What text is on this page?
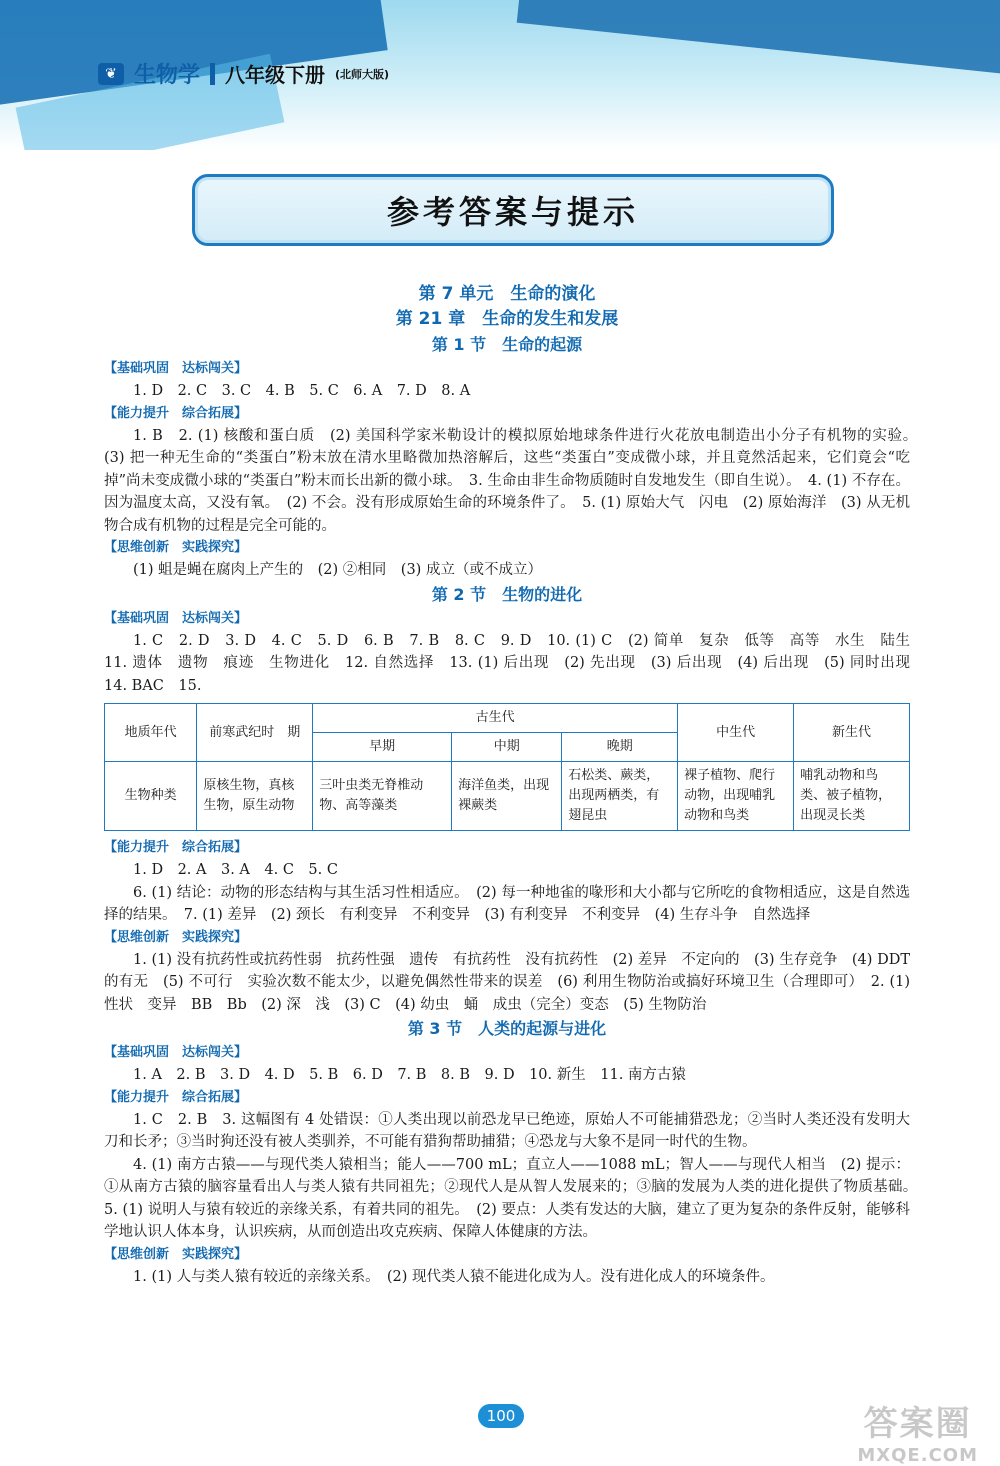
❦ 生物学 八年级下册 (北师大版)
参考答案与提示
第 7 单元　生命的演化
第 21 章　生命的发生和发展
第 1 节　生命的起源
【基础巩固　达标闯关】

1. D　2. C　3. C　4. B　5. C　6. A　7. D　8. A

【能力提升　综合拓展】

1. B　2. (1) 核酸和蛋白质　(2) 美国科学家米勒设计的模拟原始地球条件进行火花放电制造出小分子有机物的实验。　(3) 把一种无生命的“类蛋白”粉末放在清水里略微加热溶解后，这些“类蛋白”变成微小球，并且竟然活起来，它们竟会“吃掉”尚未变成微小球的“类蛋白”粉末而长出新的微小球。　3. 生命由非生命物质随时自发地发生（即自生说）。　4. (1) 不存在。因为温度太高，又没有氧。　(2) 不会。没有形成原始生命的环境条件了。　5. (1) 原始大气　闪电　(2) 原始海洋　(3) 从无机物合成有机物的过程是完全可能的。

【思维创新　实践探究】

(1) 蛆是蝇在腐肉上产生的　(2) ②相同　(3) 成立（或不成立）

第 2 节　生物的进化
【基础巩固　达标闯关】

1. C　2. D　3. D　4. C　5. D　6. B　7. B　8. C　9. D　10. (1) C　(2) 简单　复杂　低等　高等　水生　陆生　11. 遗体　遗物　痕迹　生物进化　12. 自然选择　13. (1) 后出现　(2) 先出现　(3) 后出现　(4) 后出现　(5) 同时出现　14. BAC　15.

地质年代	前寒武纪时　期	古生代			中生代	新生代
		早期	中期	晚期		
生物种类	原核生物，真核生物，原生动物	三叶虫类无脊椎动物、高等藻类	海洋鱼类，出现裸蕨类	石松类、蕨类，出现两栖类，有翅昆虫	裸子植物、爬行动物，出现哺乳动物和鸟类	哺乳动物和鸟类、被子植物，出现灵长类
【能力提升　综合拓展】

1. D　2. A　3. A　4. C　5. C

6. (1) 结论：动物的形态结构与其生活习性相适应。　(2) 每一种地雀的喙形和大小都与它所吃的食物相适应，这是自然选择的结果。　7. (1) 差异　(2) 颈长　有利变异　不利变异　(3) 有利变异　不利变异　(4) 生存斗争　自然选择

【思维创新　实践探究】

1. (1) 没有抗药性或抗药性弱　抗药性强　遗传　有抗药性　没有抗药性　(2) 差异　不定向的　(3) 生存竞争　(4) DDT的有无　(5) 不可行　实验次数不能太少，以避免偶然性带来的误差　(6) 利用生物防治或搞好环境卫生（合理即可）　2. (1) 性状　变异　BB　Bb　(2) 深　浅　(3) C　(4) 幼虫　蛹　成虫（完全）变态　(5) 生物防治

第 3 节　人类的起源与进化
【基础巩固　达标闯关】

1. A　2. B　3. D　4. D　5. B　6. D　7. B　8. B　9. D　10. 新生　11. 南方古猿

【能力提升　综合拓展】

1. C　2. B　3. 这幅图有 4 处错误：①人类出现以前恐龙早已绝迹，原始人不可能捕猎恐龙；②当时人类还没有发明大刀和长矛；③当时狗还没有被人类驯养，不可能有猎狗帮助捕猎；④恐龙与大象不是同一时代的生物。

4. (1) 南方古猿——与现代类人猿相当；能人——700 mL；直立人——1088 mL；智人——与现代人相当　(2) 提示：①从南方古猿的脑容量看出人与类人猿有共同祖先；②现代人是从智人发展来的；③脑的发展为人类的进化提供了物质基础。　5. (1) 说明人与猿有较近的亲缘关系，有着共同的祖先。　(2) 要点：人类有发达的大脑，建立了更为复杂的条件反射，能够科学地认识人体本身，认识疾病，从而创造出攻克疾病、保障人体健康的方法。

【思维创新　实践探究】

1. (1) 人与类人猿有较近的亲缘关系。　(2) 现代类人猿不能进化成为人。没有进化成人的环境条件。

100	答案圈
MXQE.COM
